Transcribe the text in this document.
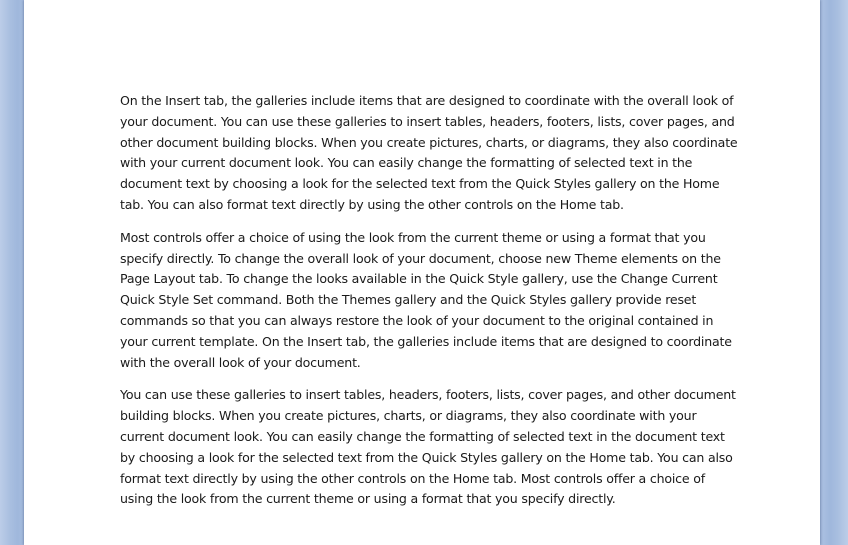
On the Insert tab, the galleries include items that are designed to coordinate with the overall look of
your document. You can use these galleries to insert tables, headers, footers, lists, cover pages, and
other document building blocks. When you create pictures, charts, or diagrams, they also coordinate
with your current document look. You can easily change the formatting of selected text in the
document text by choosing a look for the selected text from the Quick Styles gallery on the Home
tab. You can also format text directly by using the other controls on the Home tab.

Most controls offer a choice of using the look from the current theme or using a format that you
specify directly. To change the overall look of your document, choose new Theme elements on the
Page Layout tab. To change the looks available in the Quick Style gallery, use the Change Current
Quick Style Set command. Both the Themes gallery and the Quick Styles gallery provide reset
commands so that you can always restore the look of your document to the original contained in
your current template. On the Insert tab, the galleries include items that are designed to coordinate
with the overall look of your document.

You can use these galleries to insert tables, headers, footers, lists, cover pages, and other document
building blocks. When you create pictures, charts, or diagrams, they also coordinate with your
current document look. You can easily change the formatting of selected text in the document text
by choosing a look for the selected text from the Quick Styles gallery on the Home tab. You can also
format text directly by using the other controls on the Home tab. Most controls offer a choice of
using the look from the current theme or using a format that you specify directly.
